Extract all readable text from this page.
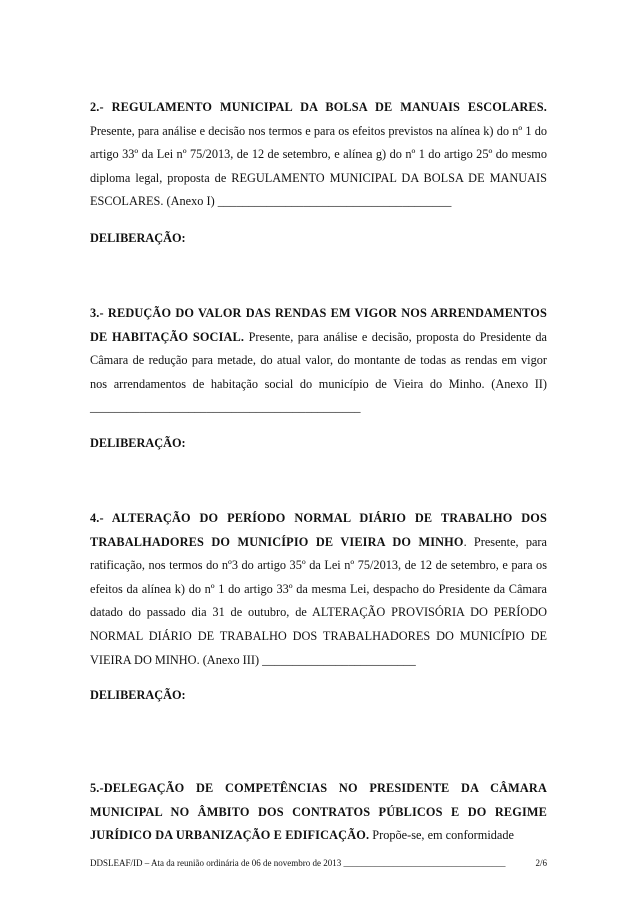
2.- REGULAMENTO MUNICIPAL DA BOLSA DE MANUAIS ESCOLARES. Presente, para análise e decisão nos termos e para os efeitos previstos na alínea k) do nº 1 do artigo 33º da Lei nº 75/2013, de 12 de setembro, e alínea g) do nº 1 do artigo 25º do mesmo diploma legal, proposta de REGULAMENTO MUNICIPAL DA BOLSA DE MANUAIS ESCOLARES. (Anexo I) ______________________________________

DELIBERAÇÃO:

3.- REDUÇÃO DO VALOR DAS RENDAS EM VIGOR NOS ARRENDAMENTOS DE HABITAÇÃO SOCIAL. Presente, para análise e decisão, proposta do Presidente da Câmara de redução para metade, do atual valor, do montante de todas as rendas em vigor nos arrendamentos de habitação social do município de Vieira do Minho. (Anexo II) ____________________________________________

DELIBERAÇÃO:

4.- ALTERAÇÃO DO PERÍODO NORMAL DIÁRIO DE TRABALHO DOS TRABALHADORES DO MUNICÍPIO DE VIEIRA DO MINHO. Presente, para ratificação, nos termos do nº3 do artigo 35º da Lei nº 75/2013, de 12 de setembro, e para os efeitos da alínea k) do nº 1 do artigo 33º da mesma Lei, despacho do Presidente da Câmara datado do passado dia 31 de outubro, de ALTERAÇÃO PROVISÓRIA DO PERÍODO NORMAL DIÁRIO DE TRABALHO DOS TRABALHADORES DO MUNICÍPIO DE VIEIRA DO MINHO. (Anexo III) _________________________

DELIBERAÇÃO:

5.-DELEGAÇÃO DE COMPETÊNCIAS NO PRESIDENTE DA CÂMARA MUNICIPAL NO ÂMBITO DOS CONTRATOS PÚBLICOS E DO REGIME JURÍDICO DA URBANIZAÇÃO E EDIFICAÇÃO. Propõe-se, em conformidade

DDSLEAF/ID – Ata da reunião ordinária de 06 de novembro de 2013 ____________________________________	2/6
